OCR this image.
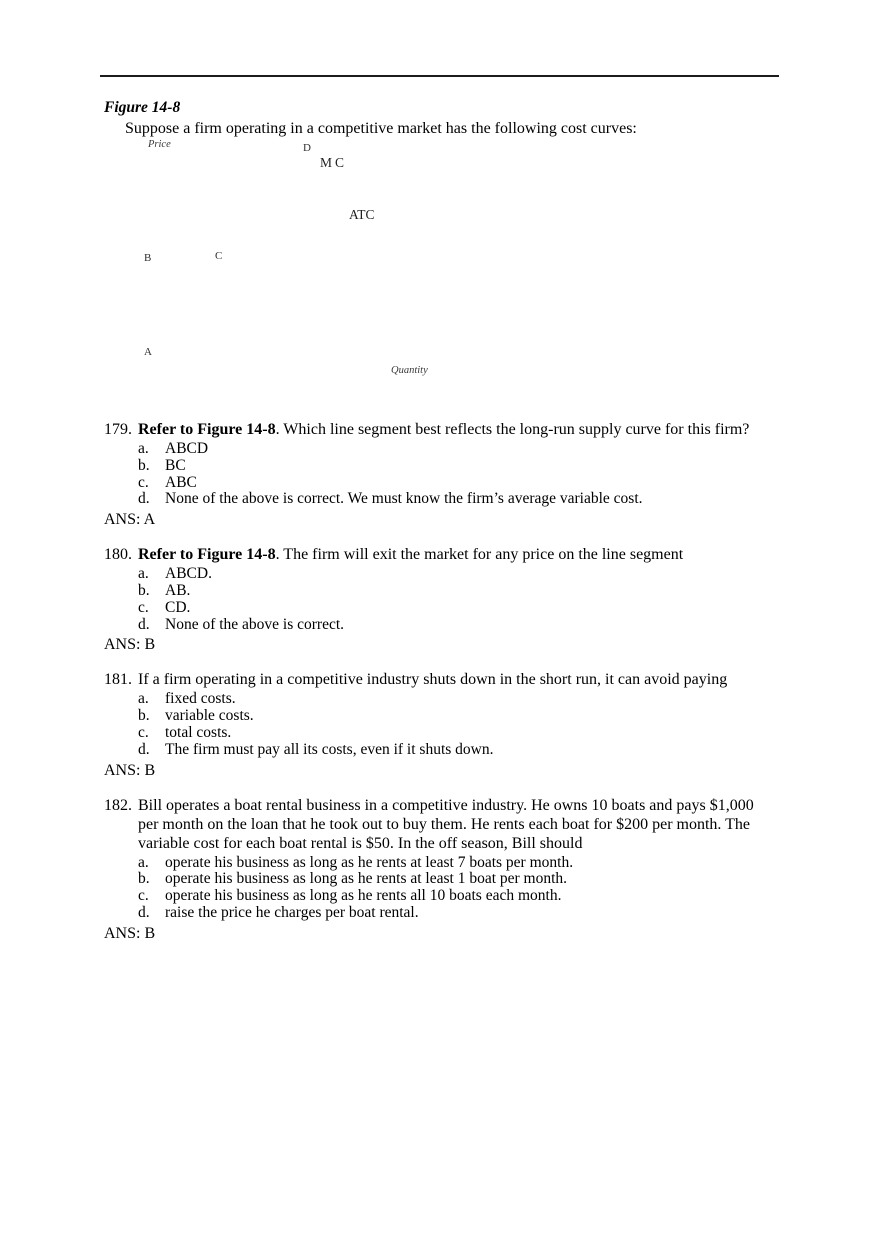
Figure 14-8
Suppose a firm operating in a competitive market has the following cost curves:
Price	D
MC
ATC
B	C
A
Quantity
179. Refer to Figure 14-8. Which line segment best reflects the long-run supply curve for this firm?
a. ABCD
b. BC
c. ABC
d. None of the above is correct. We must know the firm’s average variable cost.
ANS: A
180. Refer to Figure 14-8. The firm will exit the market for any price on the line segment
a. ABCD.
b. AB.
c. CD.
d. None of the above is correct.
ANS: B
181. If a firm operating in a competitive industry shuts down in the short run, it can avoid paying
a. fixed costs.
b. variable costs.
c. total costs.
d. The firm must pay all its costs, even if it shuts down.
ANS: B
182. Bill operates a boat rental business in a competitive industry. He owns 10 boats and pays $1,000 per month on the loan that he took out to buy them. He rents each boat for $200 per month. The variable cost for each boat rental is $50. In the off season, Bill should
a. operate his business as long as he rents at least 7 boats per month.
b. operate his business as long as he rents at least 1 boat per month.
c. operate his business as long as he rents all 10 boats each month.
d. raise the price he charges per boat rental.
ANS: B
